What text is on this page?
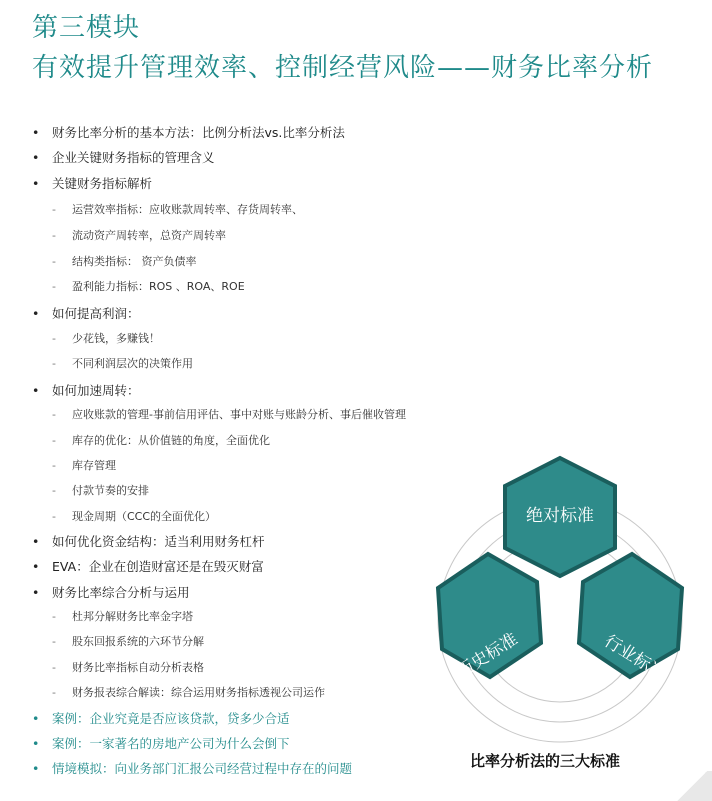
第三模块
有效提升管理效率、控制经营风险——财务比率分析
• 财务比率分析的基本方法：比例分析法vs.比率分析法
• 企业关键财务指标的管理含义
• 关键财务指标解析
- 运营效率指标：应收账款周转率、存货周转率、
- 流动资产周转率，总资产周转率
- 结构类指标： 资产负债率
- 盈利能力指标：ROS 、ROA、ROE
• 如何提高利润：
- 少花钱，多赚钱！
- 不同利润层次的决策作用
• 如何加速周转：
- 应收账款的管理-事前信用评估、事中对账与账龄分析、事后催收管理
- 库存的优化：从价值链的角度，全面优化
- 库存管理
- 付款节奏的安排
- 现金周期（CCC的全面优化）
• 如何优化资金结构：适当利用财务杠杆
• EVA：企业在创造财富还是在毁灭财富
• 财务比率综合分析与运用
- 杜邦分解财务比率金字塔
- 股东回报系统的六环节分解
- 财务比率指标自动分析表格
- 财务报表综合解读：综合运用财务指标透视公司运作
• 案例：企业究竟是否应该贷款，贷多少合适
• 案例：一家著名的房地产公司为什么会倒下
• 情境模拟：向业务部门汇报公司经营过程中存在的问题
绝对标准
历史标准	行业标准
比率分析法的三大标准
